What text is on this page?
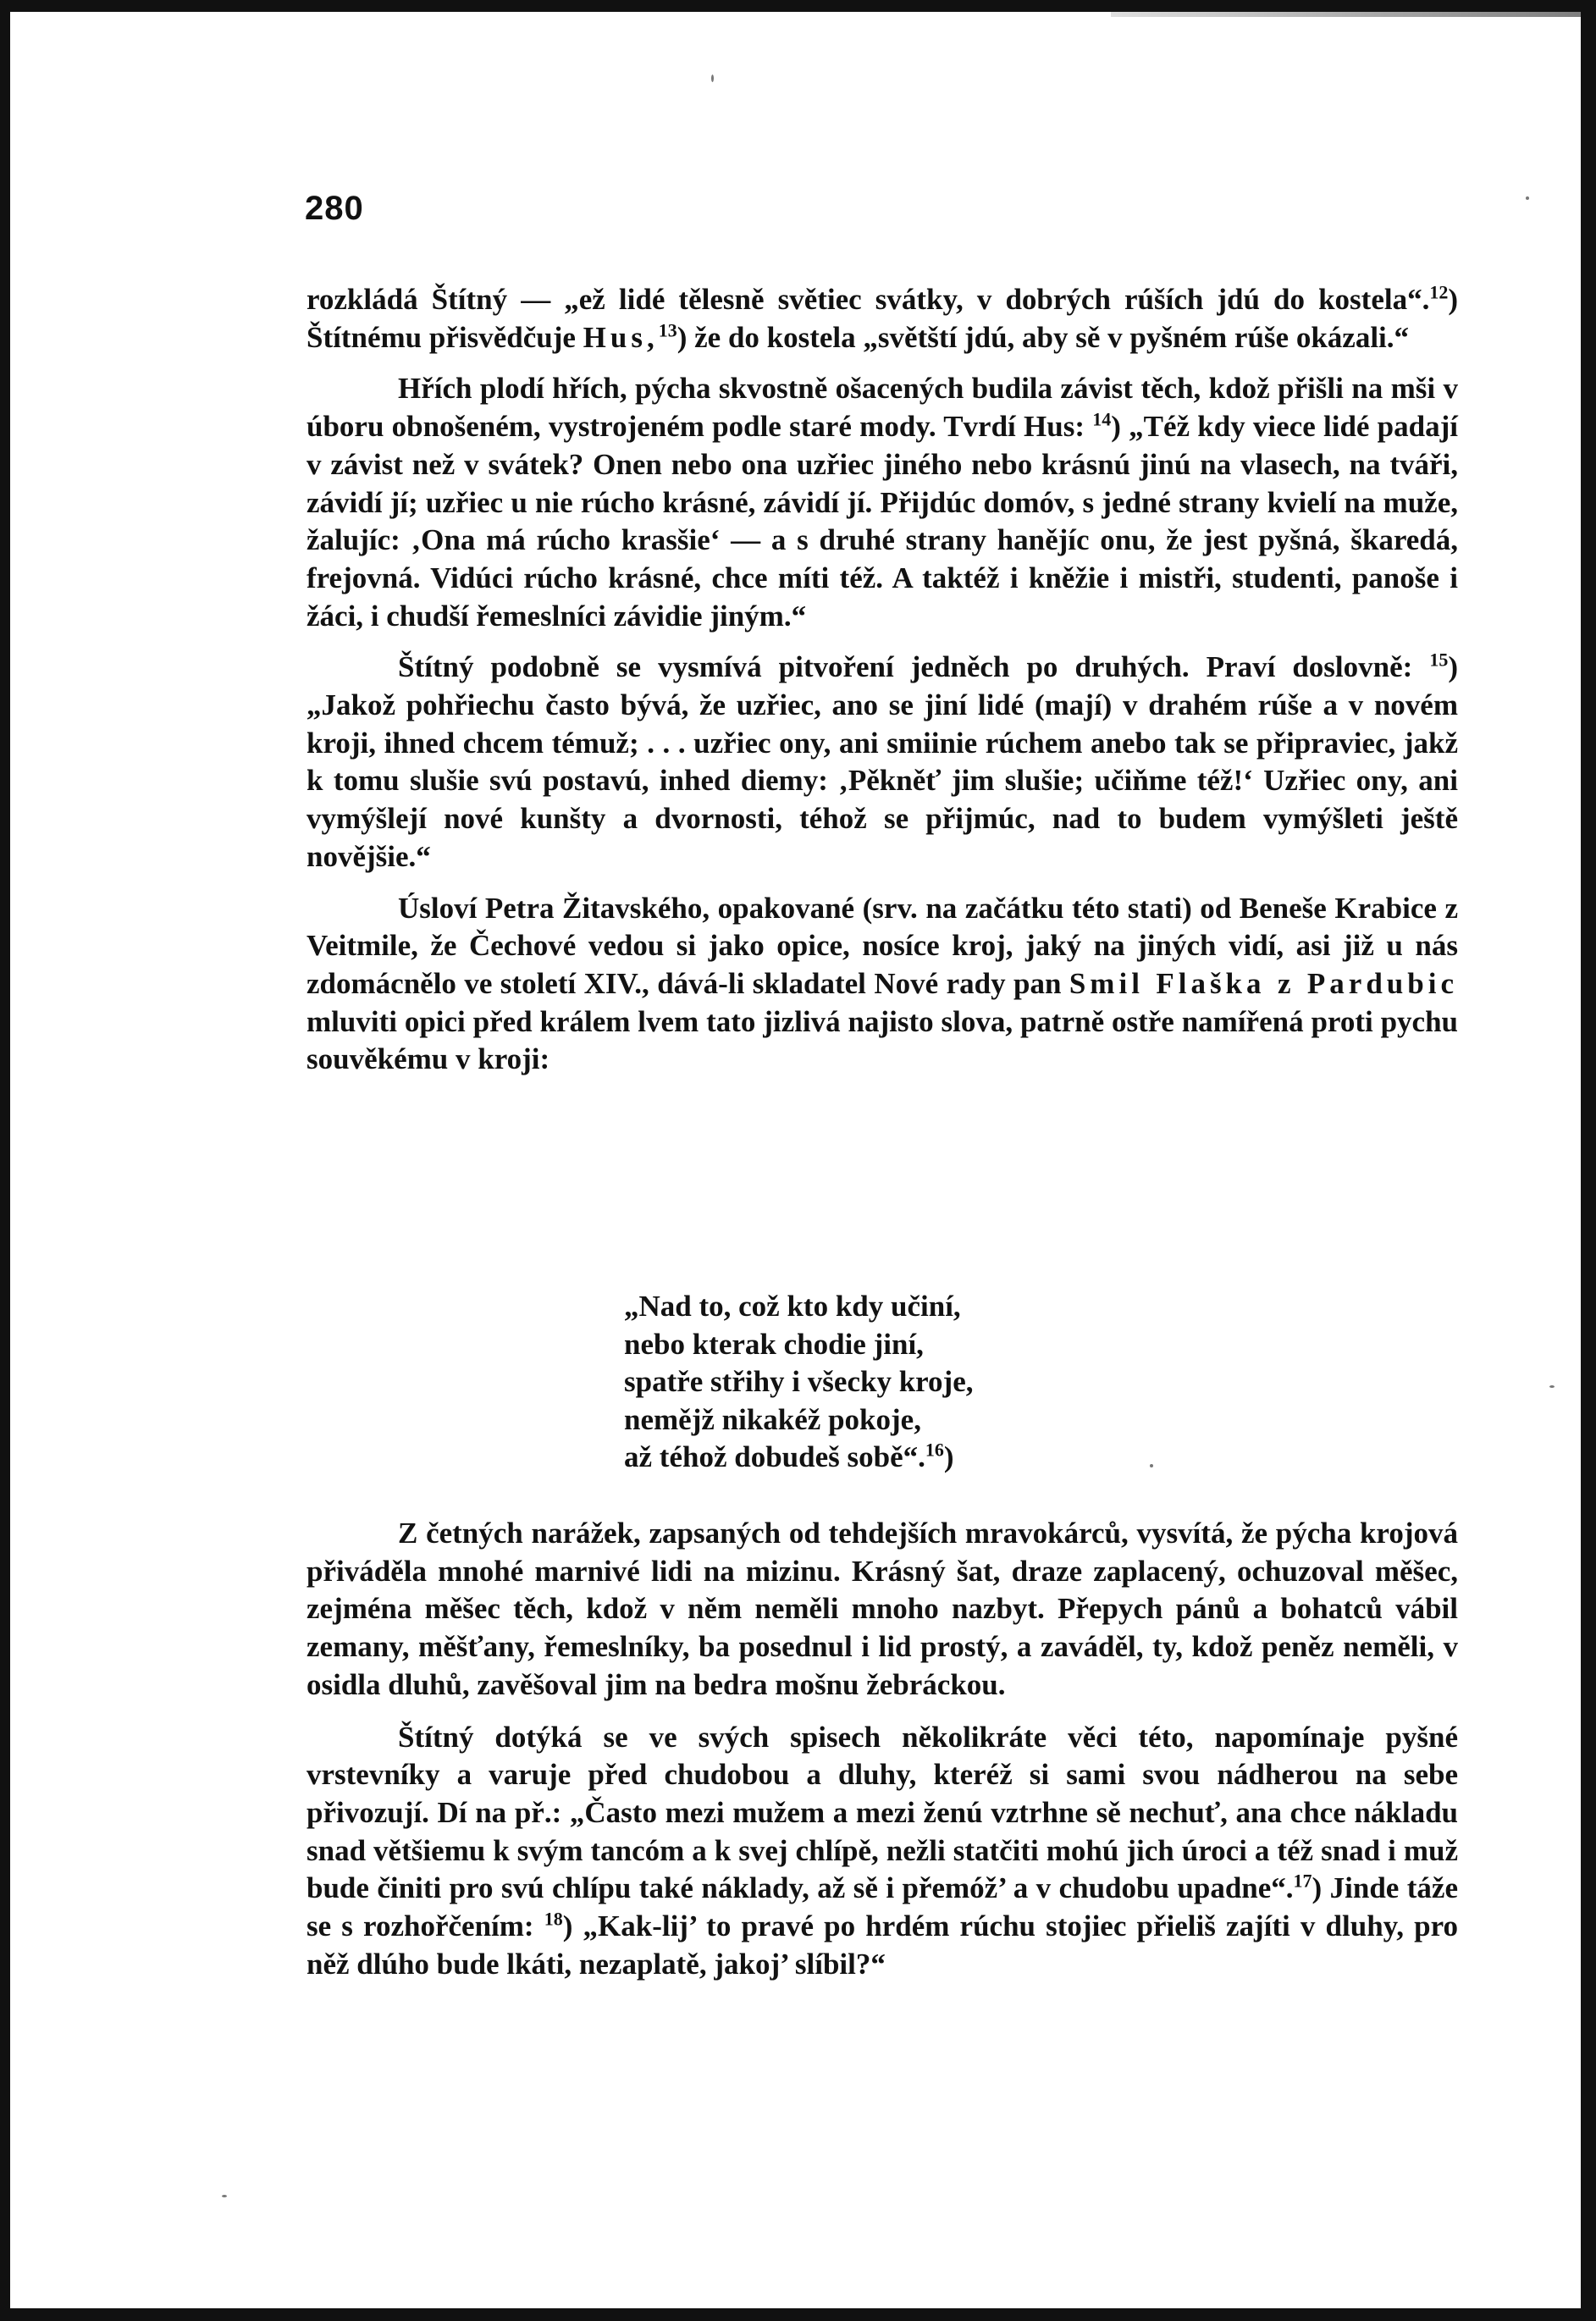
280

rozkládá Štítný — „ež lidé tělesně světiec svátky, v dobrých rúších jdú do kostela“.$^{12}$) Štítnému přisvědčuje Hus,$^{13}$) že do kostela „světští jdú, aby sě v pyšném rúše okázali.“

Hřích plodí hřích, pýcha skvostně ošacených budila závist těch, kdož přišli na mši v úboru obnošeném, vystrojeném podle staré mody. Tvrdí Hus: $^{14}$) „Též kdy viece lidé padají v závist než v svátek? Onen nebo ona uzřiec jiného nebo krásnú jinú na vlasech, na tváři, závidí jí; uzřiec u nie rúcho krásné, závidí jí. Přijdúc domóv, s jedné strany kvielí na muže, žalujíc: ‚Ona má rúcho krasšie‘ — a s druhé strany hanějíc onu, že jest pyšná, škaredá, frejovná. Vidúci rúcho krásné, chce míti též. A taktéž i kněžie i mistři, studenti, panoše i žáci, i chudší řemeslníci závidie jiným.“

Štítný podobně se vysmívá pitvoření jedněch po druhých. Praví doslovně: $^{15}$) „Jakož pohřiechu často bývá, že uzřiec, ano se jiní lidé (mají) v drahém rúše a v novém kroji, ihned chcem témuž; . . . uzřiec ony, ani smiinie rúchem anebo tak se připraviec, jakž k tomu slušie svú postavú, inhed diemy: ‚Pěkněť jim slušie; učiňme též!‘ Uzřiec ony, ani vymýšlejí nové kunšty a dvornosti, téhož se přijmúc, nad to budem vymýšleti ještě novějšie.“

Úsloví Petra Žitavského, opakované (srv. na začátku této stati) od Beneše Krabice z Veitmile, že Čechové vedou si jako opice, nosíce kroj, jaký na jiných vidí, asi již u nás zdomácnělo ve století XIV., dává-li skladatel Nové rady pan Smil Flaška z Pardubic mluviti opici před králem lvem tato jizlivá najisto slova, patrně ostře namířená proti pychu souvěkému v kroji:

„Nad to, což kto kdy učiní,
nebo kterak chodie jiní,
spatře střihy i všecky kroje,
nemějž nikakéž pokoje,
až téhož dobudeš sobě“.$^{16}$)

Z četných narážek, zapsaných od tehdejších mravokárců, vysvítá, že pýcha krojová přiváděla mnohé marnivé lidi na mizinu. Krásný šat, draze zaplacený, ochuzoval měšec, zejména měšec těch, kdož v něm neměli mnoho nazbyt. Přepych pánů a bohatců vábil zemany, měšťany, řemeslníky, ba posednul i lid prostý, a zaváděl, ty, kdož peněz neměli, v osidla dluhů, zavěšoval jim na bedra mošnu žebráckou.

Štítný dotýká se ve svých spisech několikráte věci této, napomínaje pyšné vrstevníky a varuje před chudobou a dluhy, kteréž si sami svou nádherou na sebe přivozují. Dí na př.: „Často mezi mužem a mezi ženú vztrhne sě nechuť, ana chce nákladu snad většiemu k svým tancóm a k svej chlípě, nežli statčiti mohú jich úroci a též snad i muž bude činiti pro svú chlípu také náklady, až sě i přemóž’ a v chudobu upadne“.$^{17}$) Jinde táže se s rozhořčením: $^{18}$) „Kak-lij’ to pravé po hrdém rúchu stojiec přieliš zajíti v dluhy, pro něž dlúho bude lkáti, nezaplatě, jakoj’ slíbil?“
